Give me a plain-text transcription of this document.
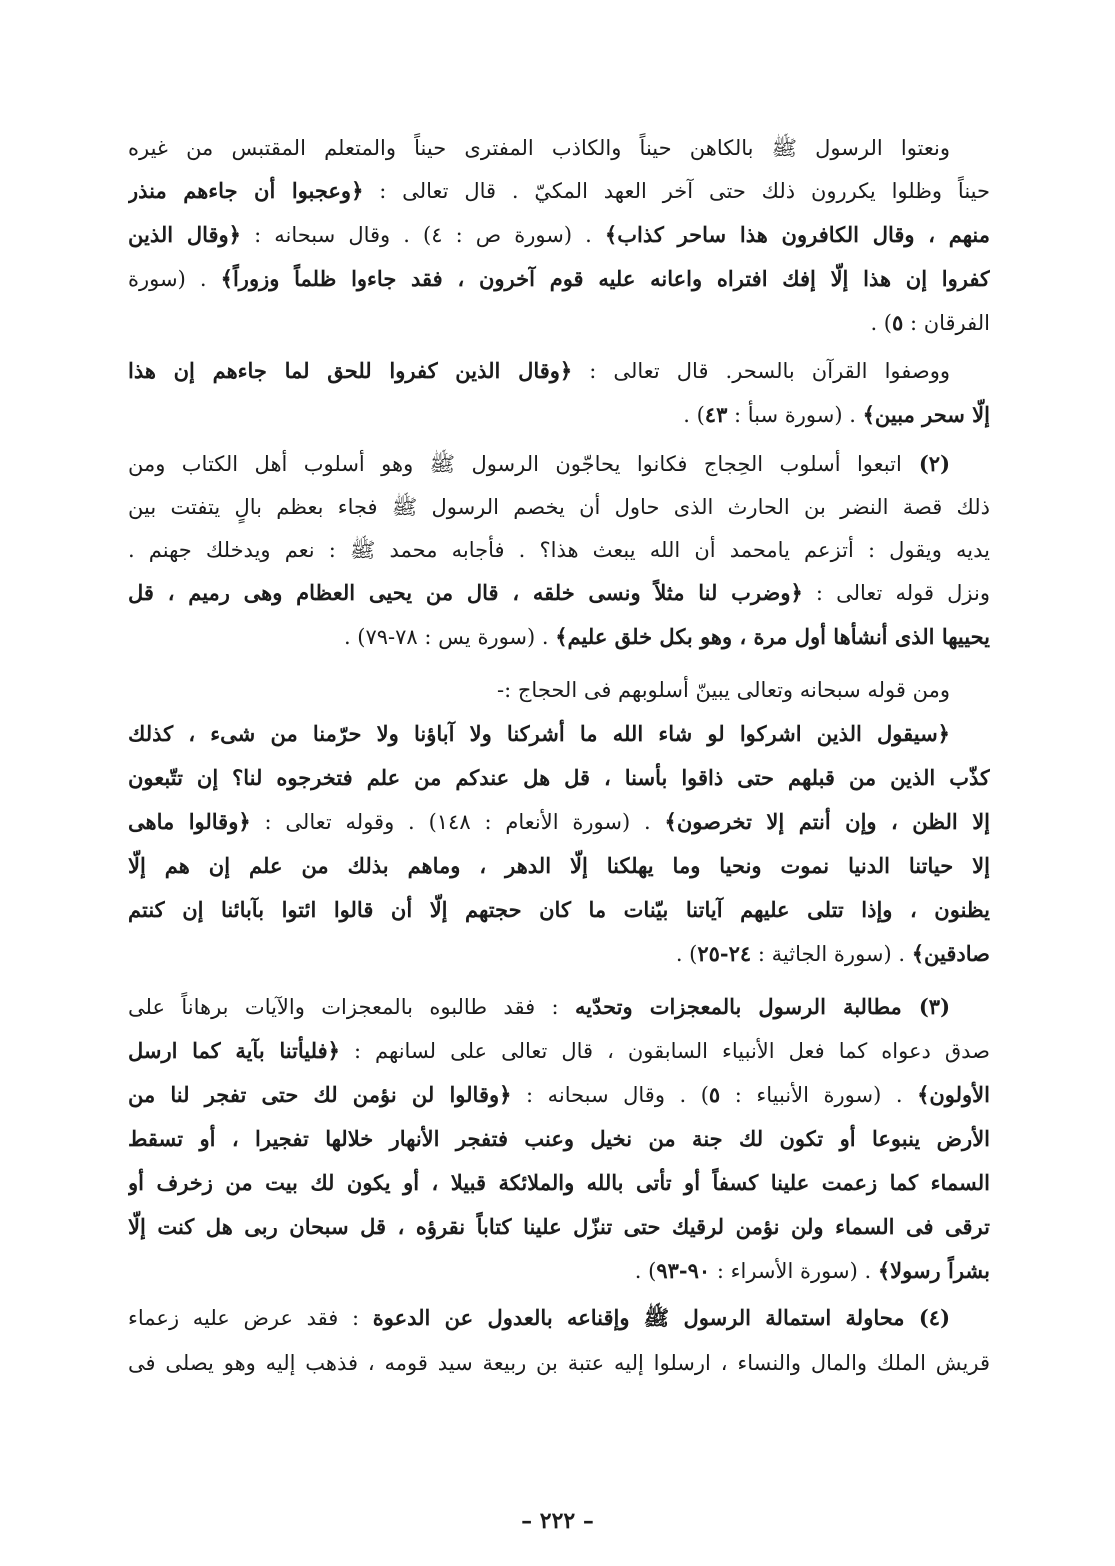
ونعتوا الرسول ﷺ بالكاهن حيناً والكاذب المفترى حيناً والمتعلم المقتبس من غيره
حيناً وظلوا يكررون ذلك حتى آخر العهد المكيّ . قال تعالى : ﴿وعجبوا أن جاءهم منذر
منهم ، وقال الكافرون هذا ساحر كذاب﴾ . (سورة ص : ٤) . وقال سبحانه : ﴿وقال الذين
كفروا إن هذا إلّا إفك افتراه واعانه عليه قوم آخرون ، فقد جاءوا ظلماً وزوراً﴾ . (سورة
الفرقان : ٥) .
ووصفوا القرآن بالسحر. قال تعالى : ﴿وقال الذين كفروا للحق لما جاءهم إن هذا
إلّا سحر مبين﴾ . (سورة سبأ : ٤٣) .
(٢) اتبعوا أسلوب الحِجاج فكانوا يحاجّون الرسول ﷺ وهو أسلوب أهل الكتاب ومن
ذلك قصة النضر بن الحارث الذى حاول أن يخصم الرسول ﷺ فجاء بعظم بالٍ يتفتت بين
يديه ويقول : أتزعم يامحمد أن الله يبعث هذا؟ . فأجابه محمد ﷺ : نعم ويدخلك جهنم .
ونزل قوله تعالى : ﴿وضرب لنا مثلاً ونسى خلقه ، قال من يحيى العظام وهى رميم ، قل
يحييها الذى أنشأها أول مرة ، وهو بكل خلق عليم﴾ . (سورة يس : ٧٨-٧٩) .
ومن قوله سبحانه وتعالى يبينّ أسلوبهم فى الحجاج :-
﴿سيقول الذين اشركوا لو شاء الله ما أشركنا ولا آباؤنا ولا حرّمنا من شىء ، كذلك
كذّب الذين من قبلهم حتى ذاقوا بأسنا ، قل هل عندكم من علم فتخرجوه لنا؟ إن تتّبعون
إلا الظن ، وإن أنتم إلا تخرصون﴾ . (سورة الأنعام : ١٤٨) . وقوله تعالى : ﴿وقالوا ماهى
إلا حياتنا الدنيا نموت ونحيا وما يهلكنا إلّا الدهر ، وماهم بذلك من علم إن هم إلّا
يظنون ، وإذا تتلى عليهم آياتنا بيّنات ما كان حجتهم إلّا أن قالوا ائتوا بآبائنا إن كنتم
صادقين﴾ . (سورة الجاثية : ٢٤-٢٥) .
(٣) مطالبة الرسول بالمعجزات وتحدّيه : فقد طالبوه بالمعجزات والآيات برهاناً على
صدق دعواه كما فعل الأنبياء السابقون ، قال تعالى على لسانهم : ﴿فليأتنا بآية كما ارسل
الأولون﴾ . (سورة الأنبياء : ٥) . وقال سبحانه : ﴿وقالوا لن نؤمن لك حتى تفجر لنا من
الأرض ينبوعا أو تكون لك جنة من نخيل وعنب فتفجر الأنهار خلالها تفجيرا ، أو تسقط
السماء كما زعمت علينا كسفاً أو تأتى بالله والملائكة قبيلا ، أو يكون لك بيت من زخرف أو
ترقى فى السماء ولن نؤمن لرقيك حتى تنزّل علينا كتاباً نقرؤه ، قل سبحان ربى هل كنت إلّا
بشراً رسولا﴾ . (سورة الأسراء : ٩٠-٩٣) .
(٤) محاولة استمالة الرسول ﷺ وإقناعه بالعدول عن الدعوة : فقد عرض عليه زعماء
قريش الملك والمال والنساء ، ارسلوا إليه عتبة بن ربيعة سيد قومه ، فذهب إليه وهو يصلى فى
– ٢٢٢ –
